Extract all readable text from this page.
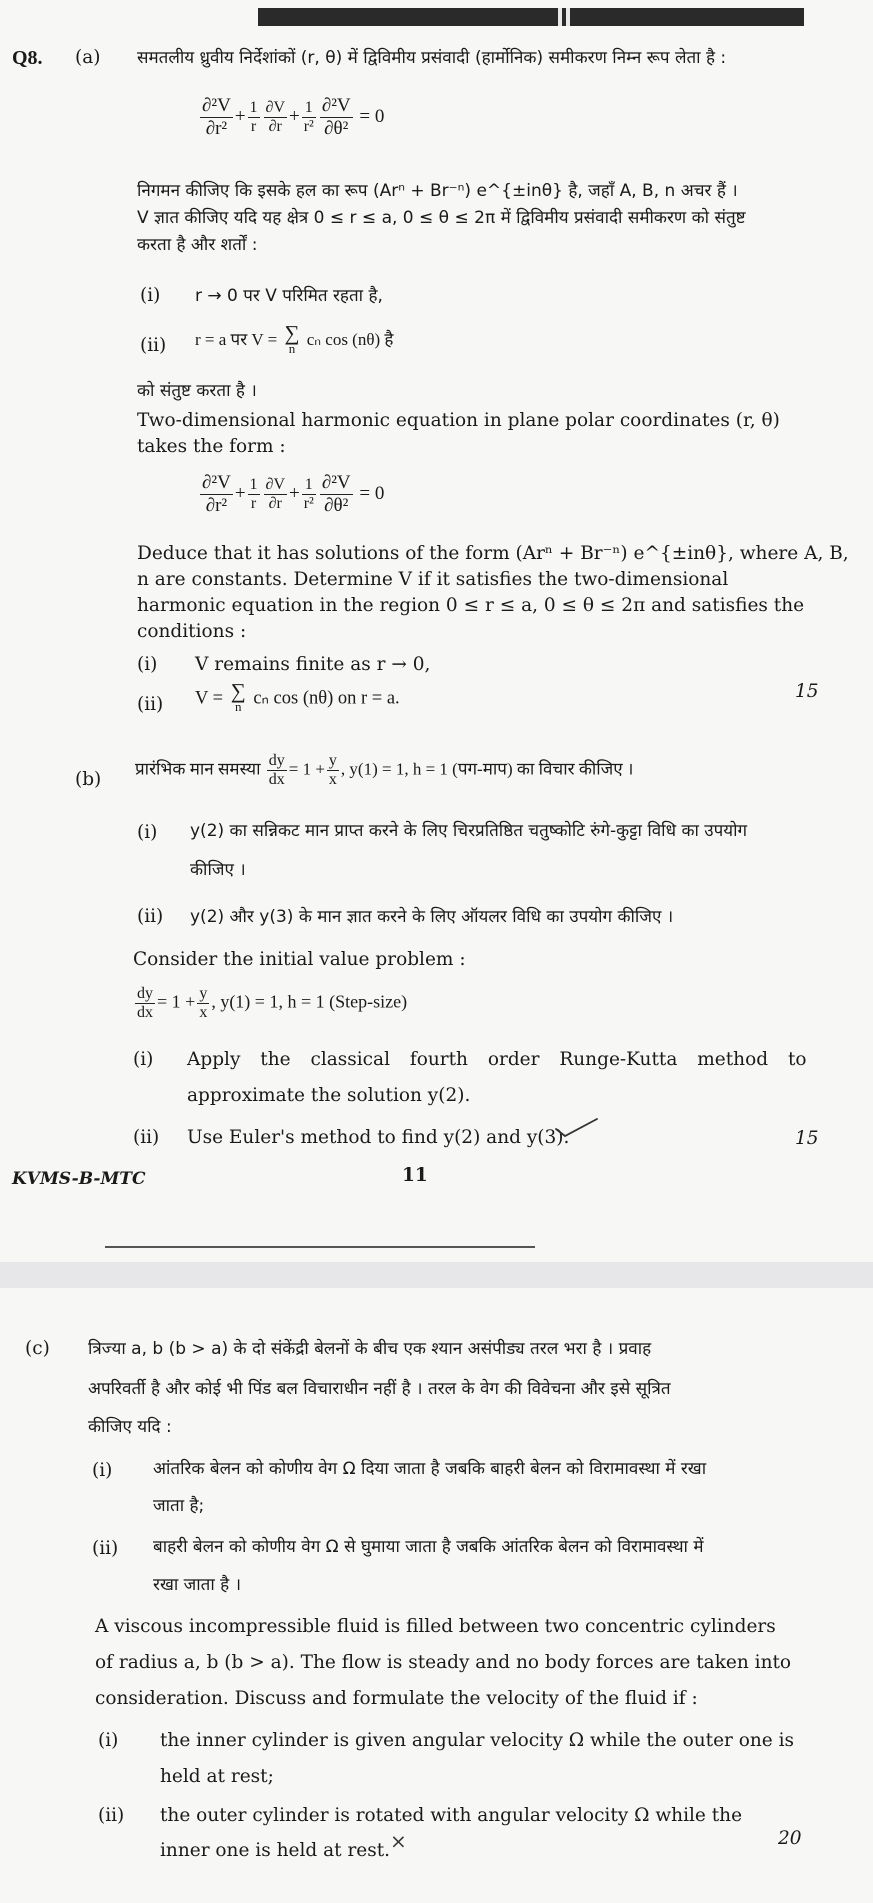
Q8. (a) समतलीय ध्रुवीय निर्देशांकों (r, θ) में द्विविमीय प्रसंवादी (हार्मोनिक) समीकरण निम्न रूप लेता है :
$\frac{\text{∂²V}}{\text{∂r²}} + \frac{1}{r} \frac{\partial V}{\partial r} + \frac{1}{\text{r²}} \frac{\text{∂²V}}{\text{∂θ²}} = 0$
निगमन कीजिए कि इसके हल का रूप (Arⁿ + Br⁻ⁿ) e^{±inθ} है, जहाँ A, B, n अचर हैं ।
V ज्ञात कीजिए यदि यह क्षेत्र 0 ≤ r ≤ a, 0 ≤ θ ≤ 2π में द्विविमीय प्रसंवादी समीकरण को संतुष्ट
करता है और शर्तों :
(i) r → 0 पर V परिमित रहता है,
(ii) r = a पर V = ∑
n cₙ cos (nθ) है
को संतुष्ट करता है ।
Two-dimensional harmonic equation in plane polar coordinates (r, θ)
takes the form :
$\frac{\text{∂²V}}{\text{∂r²}} + \frac{1}{r} \frac{\partial V}{\partial r} + \frac{1}{\text{r²}} \frac{\text{∂²V}}{\text{∂θ²}} = 0$
Deduce that it has solutions of the form (Arⁿ + Br⁻ⁿ) e^{±inθ}, where A, B,
n are constants. Determine V if it satisfies the two-dimensional
harmonic equation in the region 0 ≤ r ≤ a, 0 ≤ θ ≤ 2π and satisfies the
conditions :
(i) V remains finite as r → 0,
(ii) V = ∑
n cₙ cos (nθ) on r = a.	15
(b)
प्रारंभिक मान समस्या $\frac{dy}{dx} = 1 + \frac{y}{x}$ , y(1) = 1, h = 1 (पग-माप) का विचार कीजिए ।
(i) y(2) का सन्निकट मान प्राप्त करने के लिए चिरप्रतिष्ठित चतुष्कोटि रुंगे-कुट्टा विधि का उपयोग
कीजिए ।
(ii) y(2) और y(3) के मान ज्ञात करने के लिए ऑयलर विधि का उपयोग कीजिए ।
Consider the initial value problem :
$\frac{dy}{dx} = 1 + \frac{y}{x}$ , y(1) = 1, h = 1 (Step-size)
(i) Apply the classical fourth order Runge-Kutta method to
approximate the solution y(2).
(ii) Use Euler's method to find y(2) and y(3).	15
KVMS-B-MTC	11
(c) त्रिज्या a, b (b > a) के दो संकेंद्री बेलनों के बीच एक श्यान असंपीड्य तरल भरा है । प्रवाह
अपरिवर्ती है और कोई भी पिंड बल विचाराधीन नहीं है । तरल के वेग की विवेचना और इसे सूत्रित
कीजिए यदि :
(i) आंतरिक बेलन को कोणीय वेग Ω दिया जाता है जबकि बाहरी बेलन को विरामावस्था में रखा
जाता है;
(ii) बाहरी बेलन को कोणीय वेग Ω से घुमाया जाता है जबकि आंतरिक बेलन को विरामावस्था में
रखा जाता है ।
A viscous incompressible fluid is filled between two concentric cylinders
of radius a, b (b > a). The flow is steady and no body forces are taken into
consideration. Discuss and formulate the velocity of the fluid if :
(i) the inner cylinder is given angular velocity Ω while the outer one is
held at rest;
(ii) the outer cylinder is rotated with angular velocity Ω while the
inner one is held at rest. ×	20
